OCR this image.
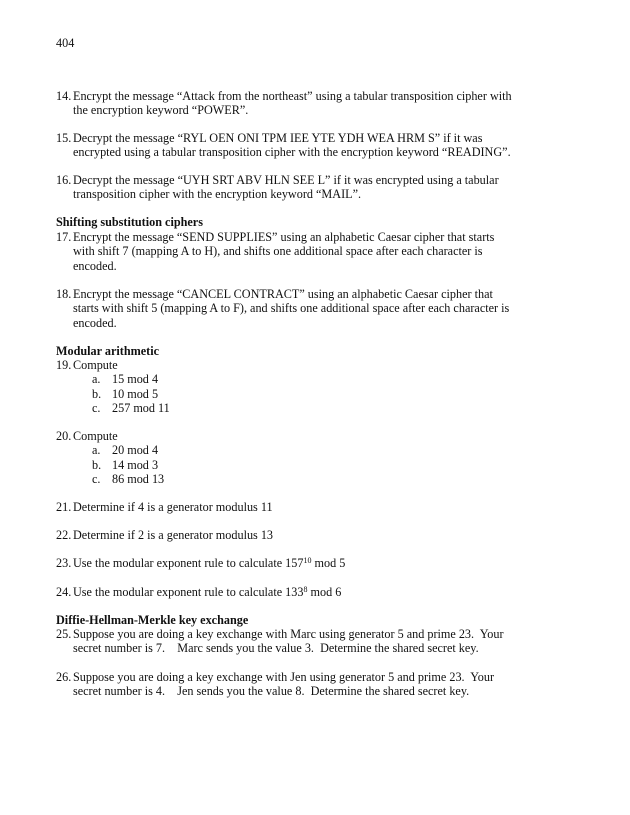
404
14. Encrypt the message “Attack from the northeast” using a tabular transposition cipher with
the encryption keyword “POWER”.
15. Decrypt the message “RYL OEN ONI TPM IEE YTE YDH WEA HRM S” if it was
encrypted using a tabular transposition cipher with the encryption keyword “READING”.
16. Decrypt the message “UYH SRT ABV HLN SEE L” if it was encrypted using a tabular
transposition cipher with the encryption keyword “MAIL”.
Shifting substitution ciphers
17. Encrypt the message “SEND SUPPLIES” using an alphabetic Caesar cipher that starts
with shift 7 (mapping A to H), and shifts one additional space after each character is
encoded.
18. Encrypt the message “CANCEL CONTRACT” using an alphabetic Caesar cipher that
starts with shift 5 (mapping A to F), and shifts one additional space after each character is
encoded.
Modular arithmetic
19. Compute
a. 15 mod 4
b. 10 mod 5
c. 257 mod 11
20. Compute
a. 20 mod 4
b. 14 mod 3
c. 86 mod 13
21. Determine if 4 is a generator modulus 11
22. Determine if 2 is a generator modulus 13
23. Use the modular exponent rule to calculate $157^{10}$ mod 5
24. Use the modular exponent rule to calculate $133^8$ mod 6
Diffie-Hellman-Merkle key exchange
25. Suppose you are doing a key exchange with Marc using generator 5 and prime 23.  Your
secret number is 7.    Marc sends you the value 3.  Determine the shared secret key.
26. Suppose you are doing a key exchange with Jen using generator 5 and prime 23.  Your
secret number is 4.    Jen sends you the value 8.  Determine the shared secret key.
